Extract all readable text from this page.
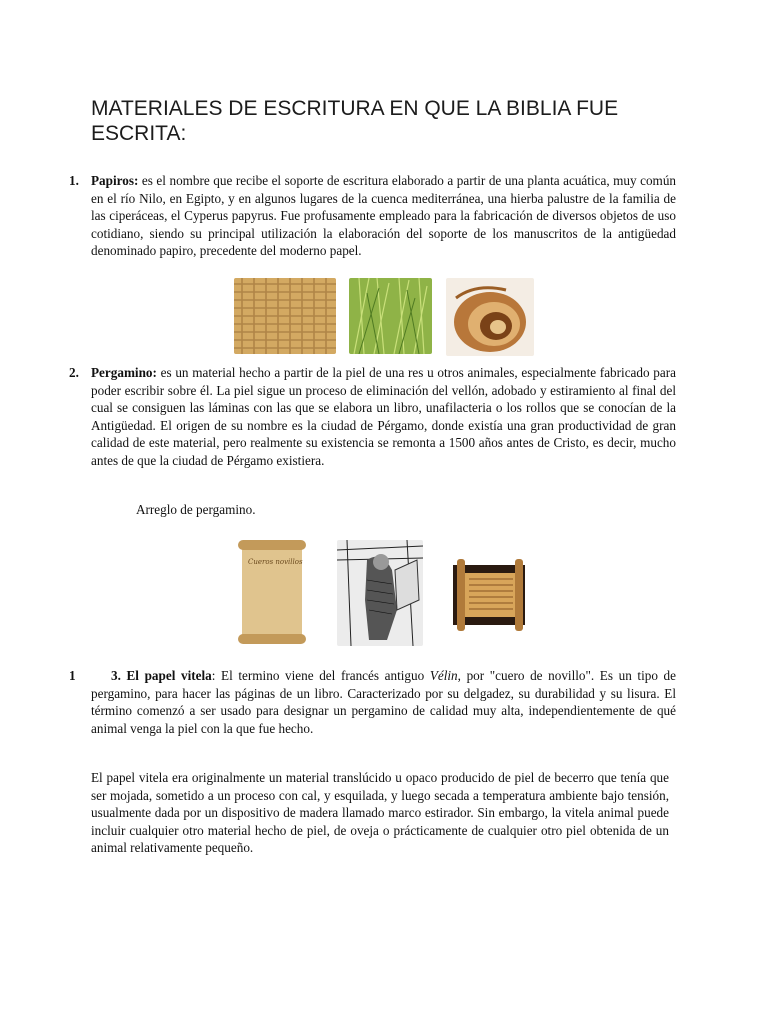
MATERIALES DE ESCRITURA EN QUE LA BIBLIA FUE ESCRITA:
1. Papiros: es el nombre que recibe el soporte de escritura elaborado a partir de una planta acuática, muy común en el río Nilo, en Egipto, y en algunos lugares de la cuenca mediterránea, una hierba palustre de la familia de las ciperáceas, el Cyperus papyrus. Fue profusamente empleado para la fabricación de diversos objetos de uso cotidiano, siendo su principal utilización la elaboración del soporte de los manuscritos de la antigüedad denominado papiro, precedente del moderno papel.

2. Pergamino: es un material hecho a partir de la piel de una res u otros animales, especialmente fabricado para poder escribir sobre él. La piel sigue un proceso de eliminación del vellón, adobado y estiramiento al final del cual se consiguen las láminas con las que se elabora un libro, unafilacteria o los rollos que se conocían de la Antigüedad. El origen de su nombre es la ciudad de Pérgamo, donde existía una gran productividad de gran calidad de este material, pero realmente su existencia se remonta a 1500 años antes de Cristo, es decir, mucho antes de que la ciudad de Pérgamo existiera.

Arreglo de pergamino.
Cueros novillos
1	3. El papel vitela: El termino viene del francés antiguo Vélin, por "cuero de novillo". Es un tipo de pergamino, para hacer las páginas de un libro. Caracterizado por su delgadez, su durabilidad y su lisura. El término comenzó a ser usado para designar un pergamino de calidad muy alta, independientemente de qué animal venga la piel con la que fue hecho.

El papel vitela era originalmente un material translúcido u opaco producido de piel de becerro que tenía que ser mojada, sometido a un proceso con cal, y esquilada, y luego secada a temperatura ambiente bajo tensión, usualmente dada por un dispositivo de madera llamado marco estirador. Sin embargo, la vitela animal puede incluir cualquier otro material hecho de piel, de oveja o prácticamente de cualquier otro piel obtenida de un animal relativamente pequeño.
